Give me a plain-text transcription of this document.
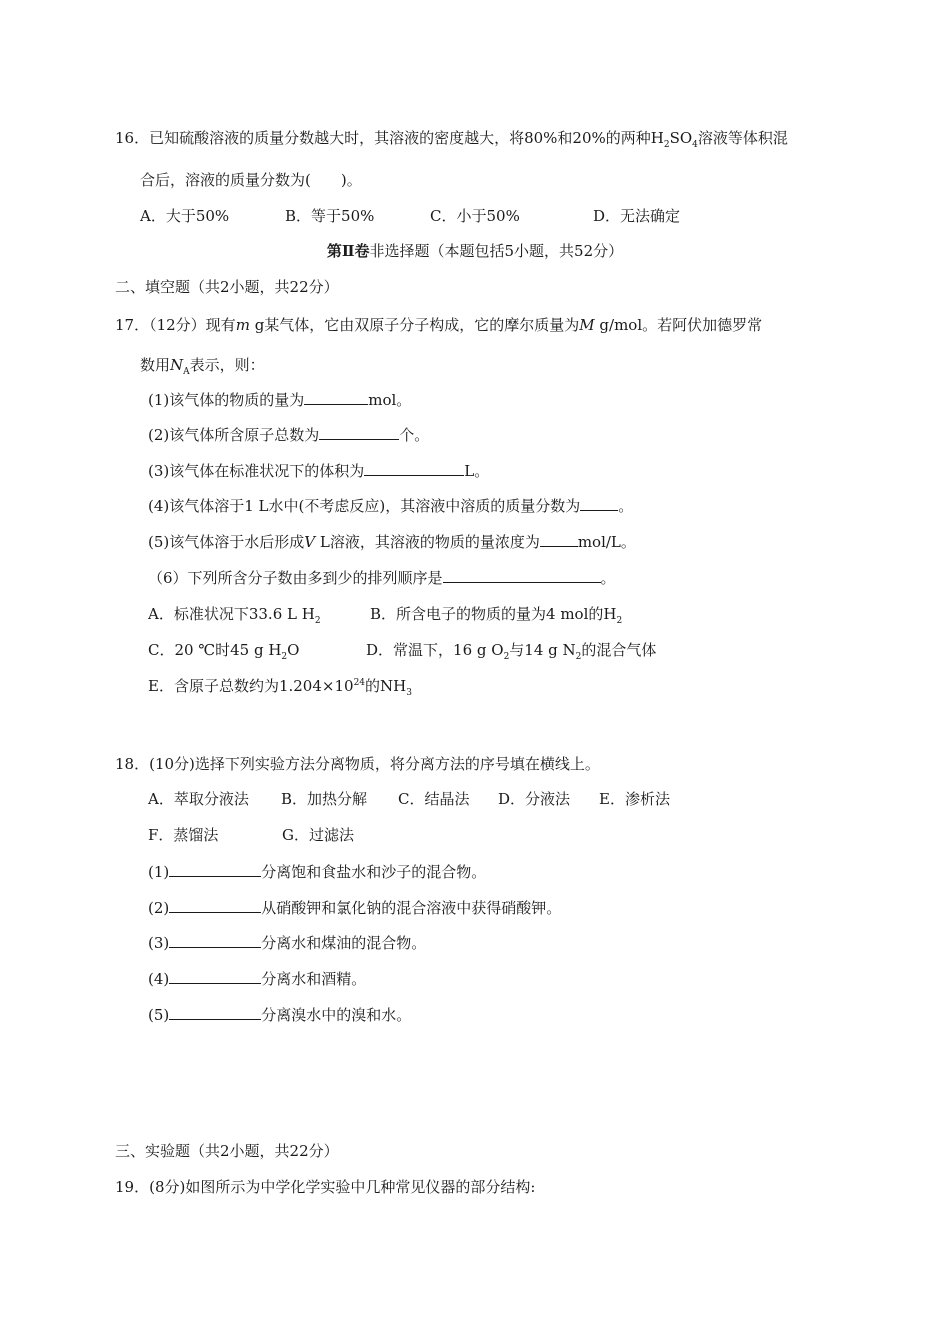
16．已知硫酸溶液的质量分数越大时，其溶液的密度越大，将80%和20%的两种$H_2SO_4$溶液等体积混
合后，溶液的质量分数为(　　)。
A．大于50%	B．等于50%	C．小于50%	D．无法确定
第Ⅱ卷非选择题（本题包括5小题，共52分）
二、填空题（共2小题，共22分）
17．（12分）现有m g某气体，它由双原子分子构成，它的摩尔质量为M g/mol。若阿伏加德罗常
数用$N_A$表示，则：
(1)该气体的物质的量为	mol。
(2)该气体所含原子总数为	个。
(3)该气体在标准状况下的体积为	L。
(4)该气体溶于1 L水中(不考虑反应)，其溶液中溶质的质量分数为	。
(5)该气体溶于水后形成V L溶液，其溶液的物质的量浓度为	mol/L。
（6）下列所含分子数由多到少的排列顺序是	。
A．标准状况下33.6 L $H_2$	B．所含电子的物质的量为4 mol的$H_2$
C．20 ℃时45 g $H_2O$	D．常温下，16 g $O_2$与14 g $N_2$的混合气体
E．含原子总数约为$1.204\times 10^{24}$的$NH_3$
18．(10分)选择下列实验方法分离物质，将分离方法的序号填在横线上。
A．萃取分液法 B．加热分解 C．结晶法 D．分液法 E．渗析法
F．蒸馏法	G．过滤法
(1)	分离饱和食盐水和沙子的混合物。
(2)	从硝酸钾和氯化钠的混合溶液中获得硝酸钾。
(3)	分离水和煤油的混合物。
(4)	分离水和酒精。
(5)	分离溴水中的溴和水。
三、实验题（共2小题，共22分）
19．(8分)如图所示为中学化学实验中几种常见仪器的部分结构:
